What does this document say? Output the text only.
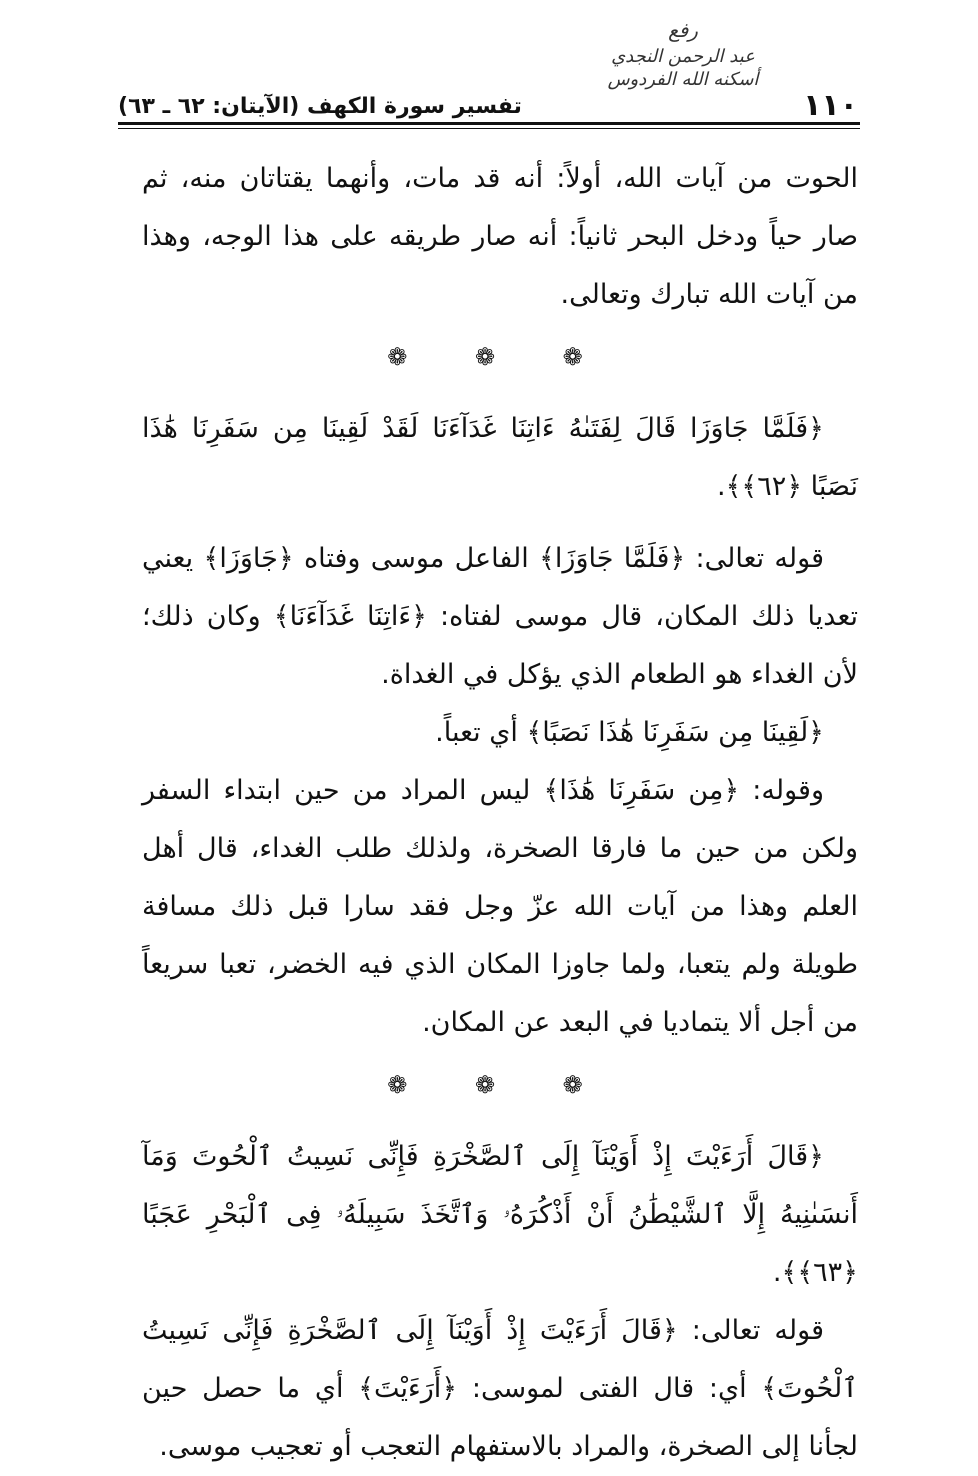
١١٠
رفع
عبد الرحمن النجدي
أسكنه الله الفردوس
تفسير سورة الكهف (الآيتان: ٦٢ ـ ٦٣)

الحوت من آيات الله، أولاً: أنه قد مات، وأنهما يقتاتان منه، ثم صار حياً ودخل البحر ثانياً: أنه صار طريقه على هذا الوجه، وهذا من آيات الله تبارك وتعالى.

❁ ❁ ❁

﴿فَلَمَّا جَاوَزَا قَالَ لِفَتَىٰهُ ءَاتِنَا غَدَآءَنَا لَقَدْ لَقِينَا مِن سَفَرِنَا هَٰذَا نَصَبًا ﴿٦٢﴾﴾.

قوله تعالى: ﴿فَلَمَّا جَاوَزَا﴾ الفاعل موسى وفتاه ﴿جَاوَزَا﴾ يعني تعديا ذلك المكان، قال موسى لفتاه: ﴿ءَاتِنَا غَدَآءَنَا﴾ وكان ذلك؛ لأن الغداء هو الطعام الذي يؤكل في الغداة.

﴿لَقِينَا مِن سَفَرِنَا هَٰذَا نَصَبًا﴾ أي تعباً.

وقوله: ﴿مِن سَفَرِنَا هَٰذَا﴾ ليس المراد من حين ابتداء السفر ولكن من حين ما فارقا الصخرة، ولذلك طلب الغداء، قال أهل العلم وهذا من آيات الله عزّ وجل فقد سارا قبل ذلك مسافة طويلة ولم يتعبا، ولما جاوزا المكان الذي فيه الخضر، تعبا سريعاً من أجل ألا يتماديا في البعد عن المكان.

❁ ❁ ❁

﴿قَالَ أَرَءَيْتَ إِذْ أَوَيْنَآ إِلَى ٱلصَّخْرَةِ فَإِنِّى نَسِيتُ ٱلْحُوتَ وَمَآ أَنسَىٰنِيهُ إِلَّا ٱلشَّيْطَٰنُ أَنْ أَذْكُرَهُۥ وَٱتَّخَذَ سَبِيلَهُۥ فِى ٱلْبَحْرِ عَجَبًا ﴿٦٣﴾﴾.

قوله تعالى: ﴿قَالَ أَرَءَيْتَ إِذْ أَوَيْنَآ إِلَى ٱلصَّخْرَةِ فَإِنِّى نَسِيتُ ٱلْحُوتَ﴾ أي: قال الفتى لموسى: ﴿أَرَءَيْتَ﴾ أي ما حصل حين لجأنا إلى الصخرة، والمراد بالاستفهام التعجب أو تعجيب موسى.
